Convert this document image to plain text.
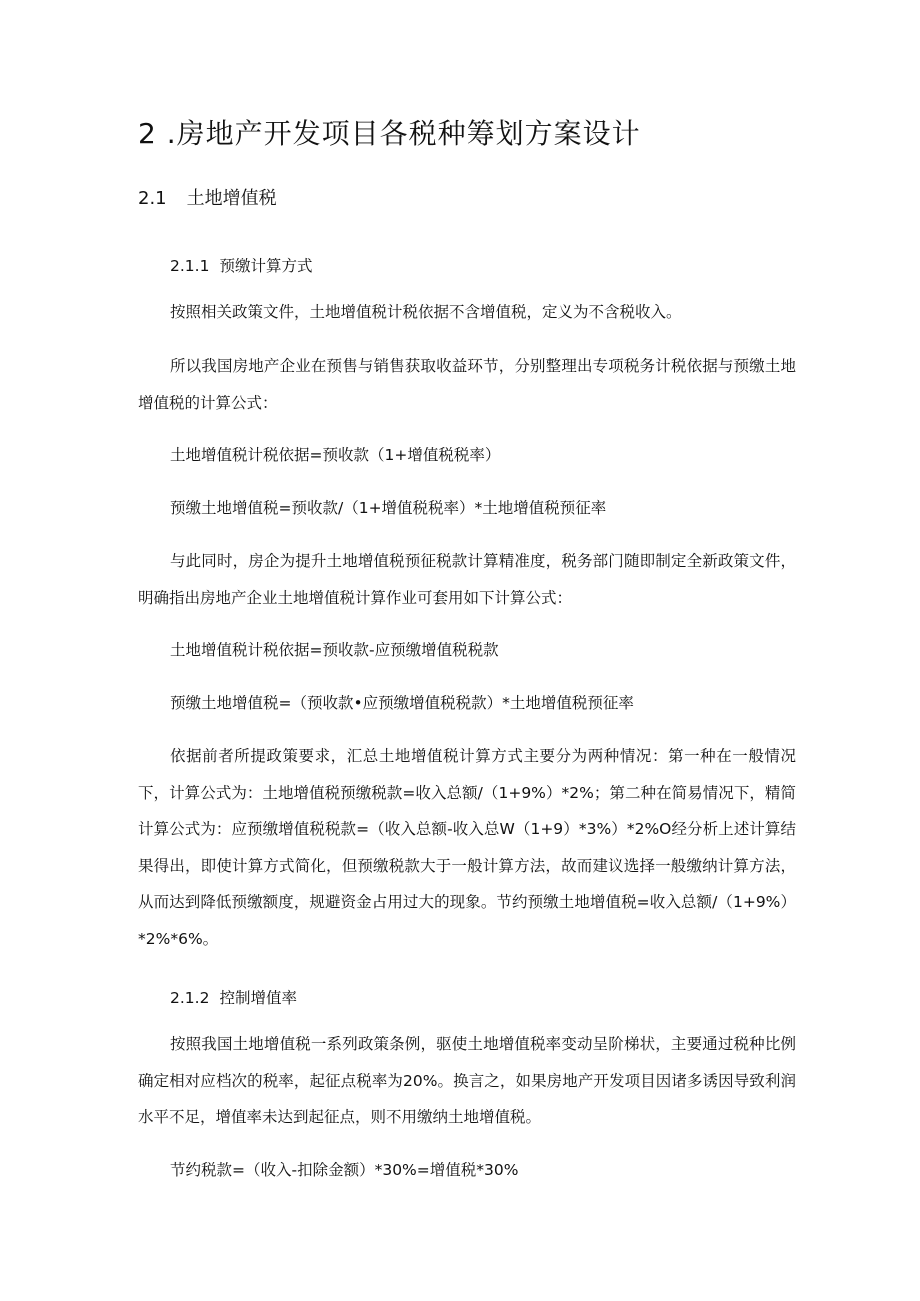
2 .房地产开发项目各税种筹划方案设计
2.1 土地增值税
2.1.1 预缴计算方式
按照相关政策文件，土地增值税计税依据不含增值税，定义为不含税收入。
所以我国房地产企业在预售与销售获取收益环节，分别整理出专项税务计税依据与预缴土地增值税的计算公式：
土地增值税计税依据=预收款（1+增值税税率）
预缴土地增值税=预收款/（1+增值税税率）*土地增值税预征率
与此同时，房企为提升土地增值税预征税款计算精准度，税务部门随即制定全新政策文件，明确指出房地产企业土地增值税计算作业可套用如下计算公式：
土地增值税计税依据=预收款-应预缴增值税税款
预缴土地增值税=（预收款•应预缴增值税税款）*土地增值税预征率
依据前者所提政策要求，汇总土地增值税计算方式主要分为两种情况：第一种在一般情况下，计算公式为：土地增值税预缴税款=收入总额/（1+9%）*2%；第二种在简易情况下，精简计算公式为：应预缴增值税税款=（收入总额-收入总W（1+9）*3%）*2%O经分析上述计算结果得出，即使计算方式简化，但预缴税款大于一般计算方法，故而建议选择一般缴纳计算方法，从而达到降低预缴额度，规避资金占用过大的现象。节约预缴土地增值税=收入总额/（1+9%）*2%*6%。
2.1.2 控制增值率
按照我国土地增值税一系列政策条例，驱使土地增值税率变动呈阶梯状，主要通过税种比例确定相对应档次的税率，起征点税率为20%。换言之，如果房地产开发项目因诸多诱因导致利润水平不足，增值率未达到起征点，则不用缴纳土地增值税。
节约税款=（收入-扣除金额）*30%=增值税*30%
